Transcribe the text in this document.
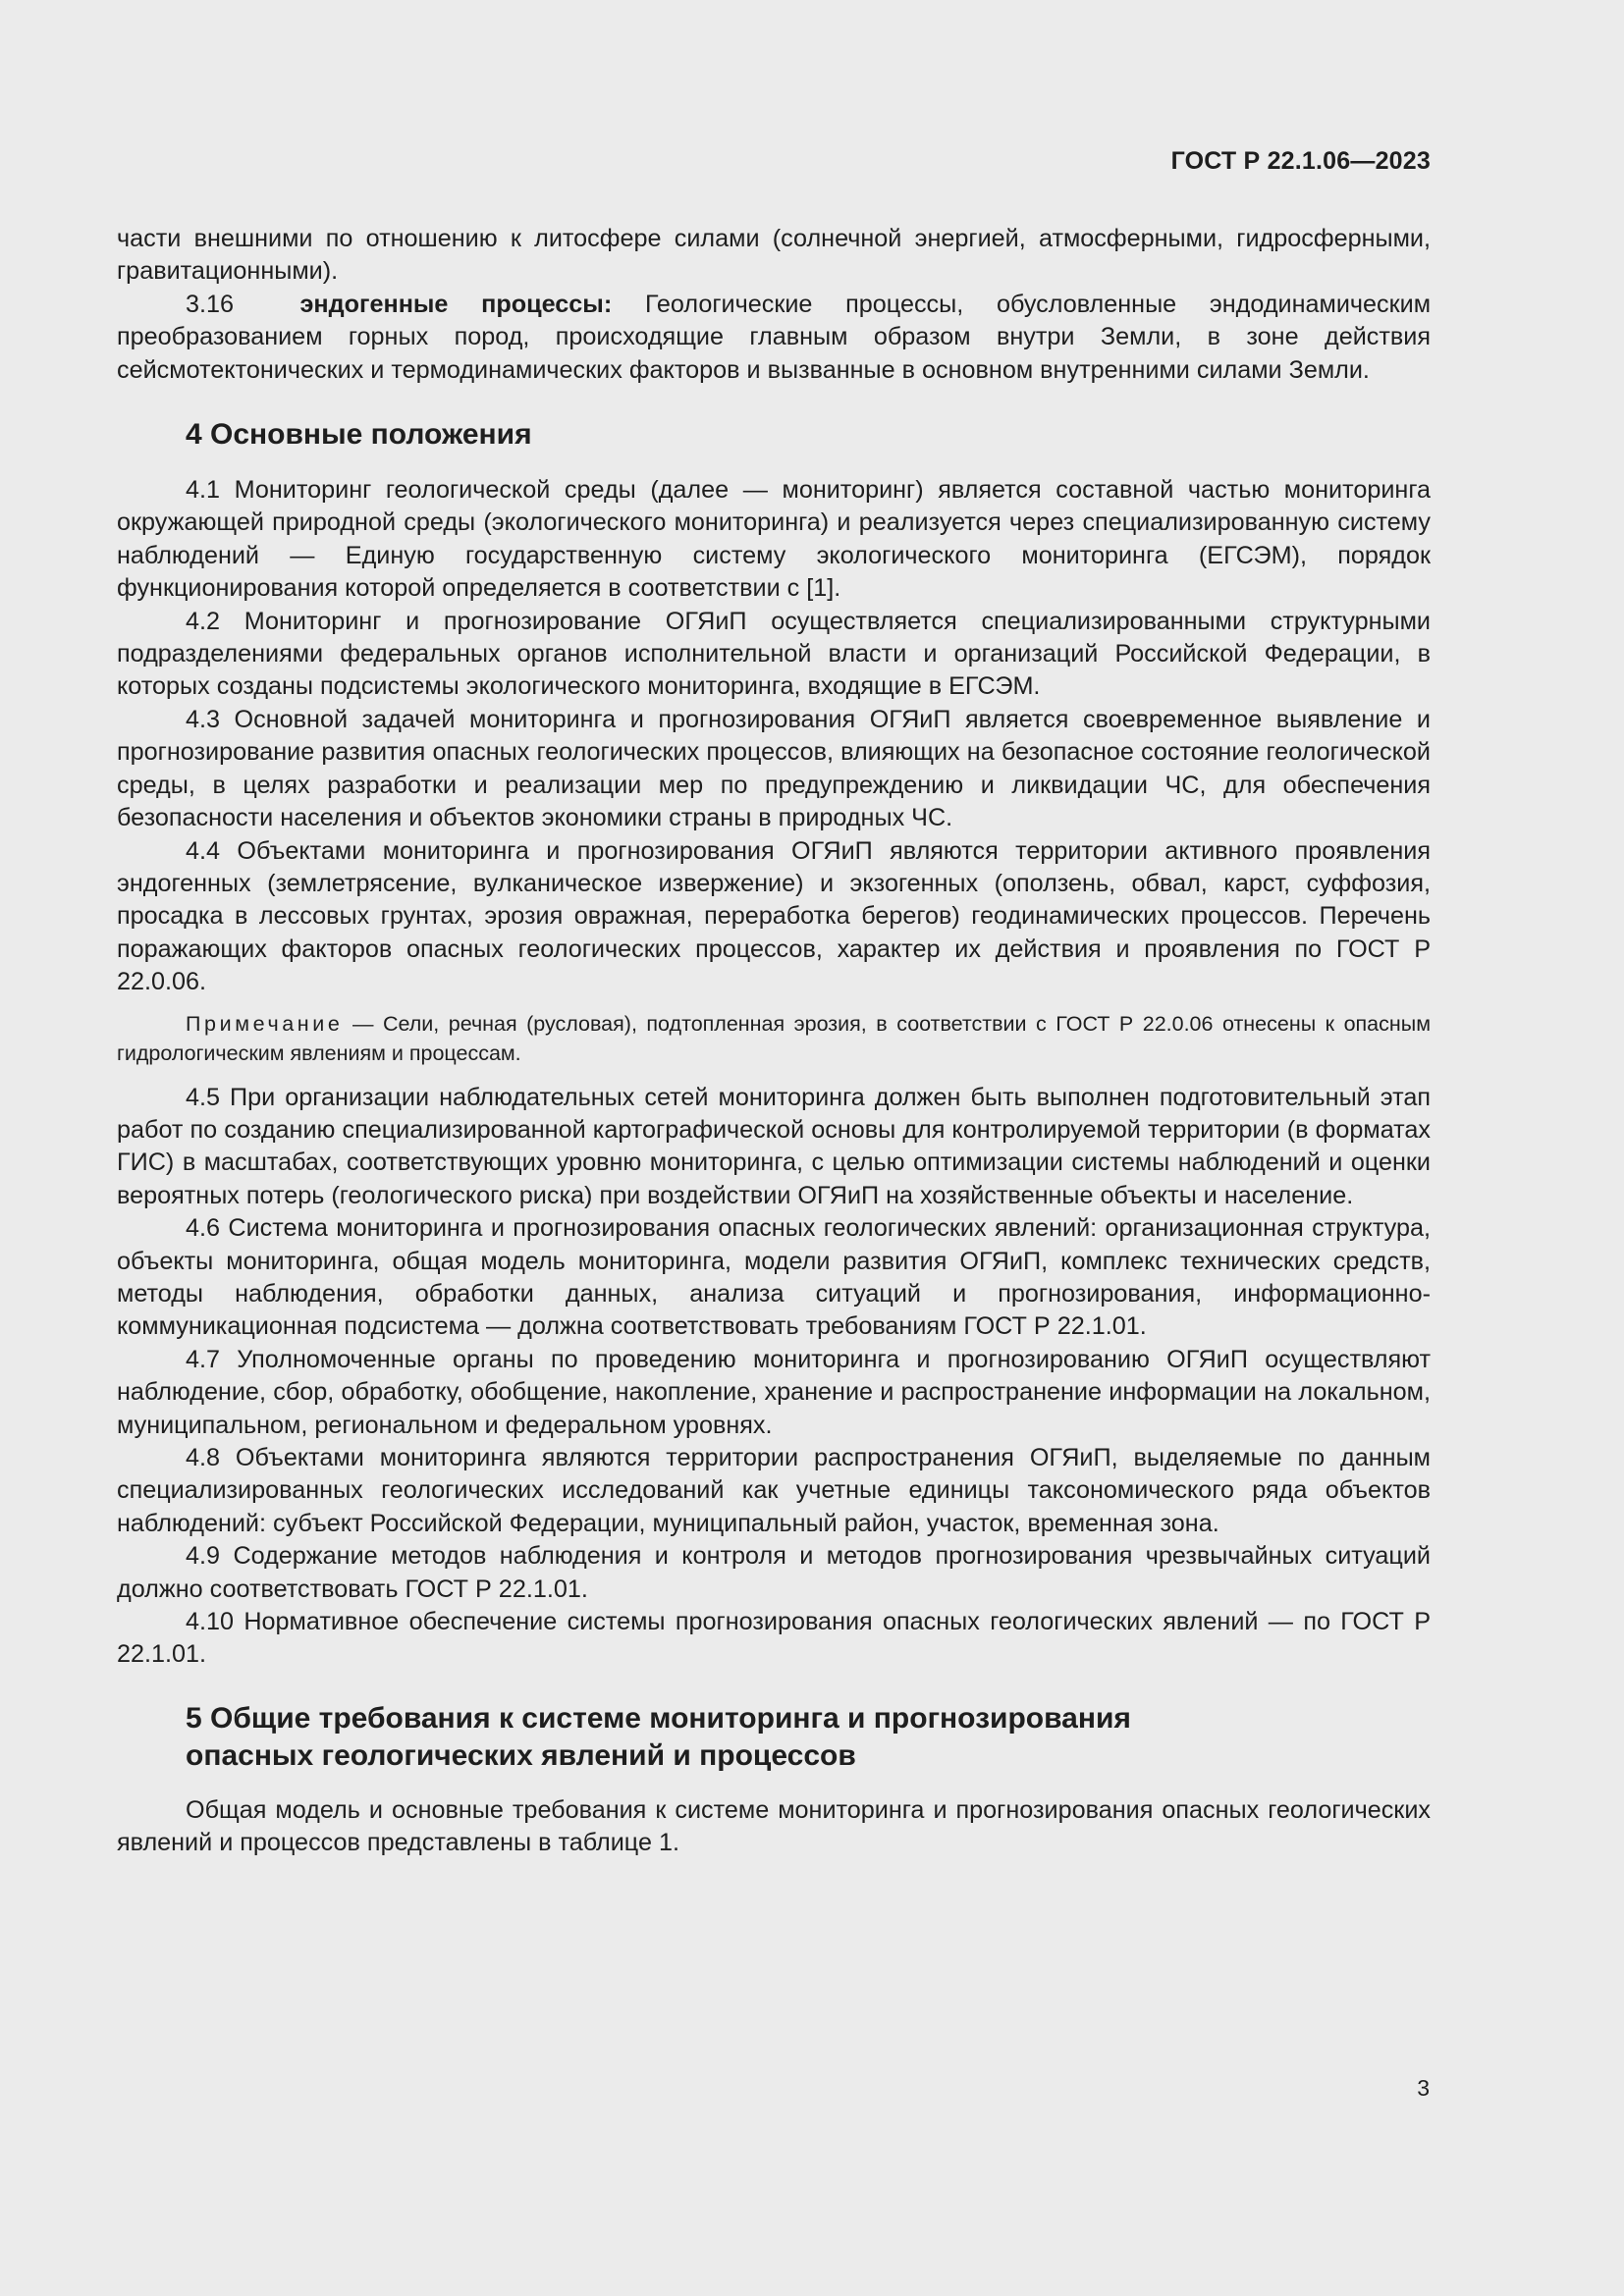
ГОСТ Р 22.1.06—2023

части внешними по отношению к литосфере силами (солнечной энергией, атмосферными, гидросферными, гравитационными).

3.16	эндогенные процессы: Геологические процессы, обусловленные эндодинамическим преобразованием горных пород, происходящие главным образом внутри Земли, в зоне действия сейсмотектонических и термодинамических факторов и вызванные в основном внутренними силами Земли.

4 Основные положения

4.1 Мониторинг геологической среды (далее — мониторинг) является составной частью мониторинга окружающей природной среды (экологического мониторинга) и реализуется через специализированную систему наблюдений — Единую государственную систему экологического мониторинга (ЕГСЭМ), порядок функционирования которой определяется в соответствии с [1].

4.2 Мониторинг и прогнозирование ОГЯиП осуществляется специализированными структурными подразделениями федеральных органов исполнительной власти и организаций Российской Федерации, в которых созданы подсистемы экологического мониторинга, входящие в ЕГСЭМ.

4.3 Основной задачей мониторинга и прогнозирования ОГЯиП является своевременное выявление и прогнозирование развития опасных геологических процессов, влияющих на безопасное состояние геологической среды, в целях разработки и реализации мер по предупреждению и ликвидации ЧС, для обеспечения безопасности населения и объектов экономики страны в природных ЧС.

4.4 Объектами мониторинга и прогнозирования ОГЯиП являются территории активного проявления эндогенных (землетрясение, вулканическое извержение) и экзогенных (оползень, обвал, карст, суффозия, просадка в лессовых грунтах, эрозия овражная, переработка берегов) геодинамических процессов. Перечень поражающих факторов опасных геологических процессов, характер их действия и проявления по ГОСТ Р 22.0.06.

Примечание — Сели, речная (русловая), подтопленная эрозия, в соответствии с ГОСТ Р 22.0.06 отнесены к опасным гидрологическим явлениям и процессам.

4.5 При организации наблюдательных сетей мониторинга должен быть выполнен подготовительный этап работ по созданию специализированной картографической основы для контролируемой территории (в форматах ГИС) в масштабах, соответствующих уровню мониторинга, с целью оптимизации системы наблюдений и оценки вероятных потерь (геологического риска) при воздействии ОГЯиП на хозяйственные объекты и население.

4.6 Система мониторинга и прогнозирования опасных геологических явлений: организационная структура, объекты мониторинга, общая модель мониторинга, модели развития ОГЯиП, комплекс технических средств, методы наблюдения, обработки данных, анализа ситуаций и прогнозирования, информационно-коммуникационная подсистема — должна соответствовать требованиям ГОСТ Р 22.1.01.

4.7 Уполномоченные органы по проведению мониторинга и прогнозированию ОГЯиП осуществляют наблюдение, сбор, обработку, обобщение, накопление, хранение и распространение информации на локальном, муниципальном, региональном и федеральном уровнях.

4.8 Объектами мониторинга являются территории распространения ОГЯиП, выделяемые по данным специализированных геологических исследований как учетные единицы таксономического ряда объектов наблюдений: субъект Российской Федерации, муниципальный район, участок, временная зона.

4.9 Содержание методов наблюдения и контроля и методов прогнозирования чрезвычайных ситуаций должно соответствовать ГОСТ Р 22.1.01.

4.10 Нормативное обеспечение системы прогнозирования опасных геологических явлений — по ГОСТ Р 22.1.01.

5 Общие требования к системе мониторинга и прогнозирования
опасных геологических явлений и процессов

Общая модель и основные требования к системе мониторинга и прогнозирования опасных геологических явлений и процессов представлены в таблице 1.

3
